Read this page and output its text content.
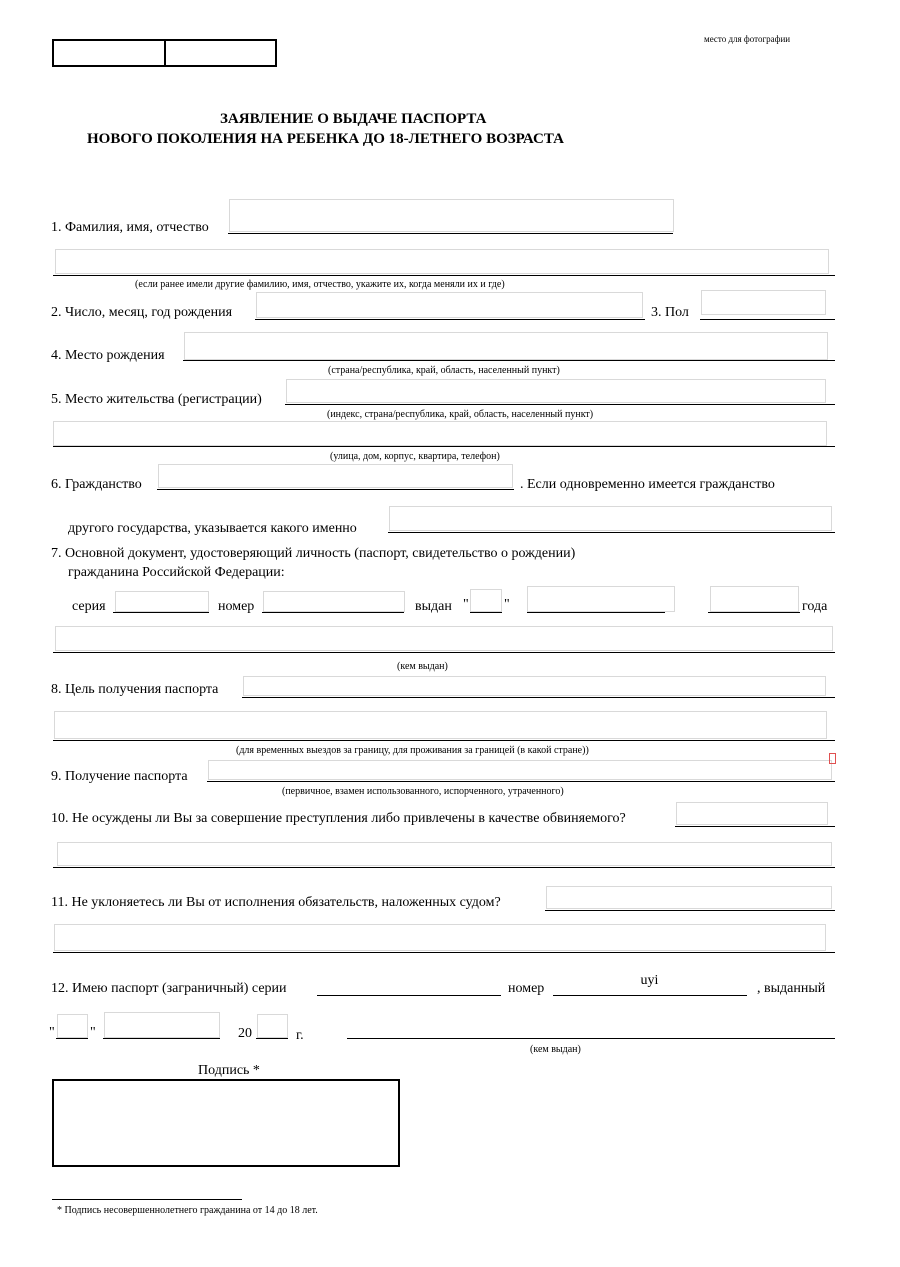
место для фотографии
ЗАЯВЛЕНИЕ О ВЫДАЧЕ ПАСПОРТА
НОВОГО ПОКОЛЕНИЯ НА РЕБЕНКА ДО 18-ЛЕТНЕГО ВОЗРАСТА
1. Фамилия, имя, отчество
(если ранее имели другие фамилию, имя, отчество, укажите их, когда меняли их и где)
2. Число, месяц, год рождения	3. Пол
4. Место рождения
(страна/республика, край, область, населенный пункт)
5. Место жительства (регистрации)
(индекс, страна/республика, край, область, населенный пункт)
(улица, дом, корпус, квартира, телефон)
6. Гражданство	. Если одновременно имеется гражданство
другого государства, указывается какого именно
7. Основной документ, удостоверяющий личность (паспорт, свидетельство о рождении)
гражданина Российской Федерации:
серия	номер	выдан "	"	года
(кем выдан)
8. Цель получения паспорта
(для временных выездов за границу, для проживания за границей (в какой стране))
9. Получение паспорта
(первичное, взамен использованного, испорченного, утраченного)
10. Не осуждены ли Вы за совершение преступления либо привлечены в качестве обвиняемого?
11. Не уклоняетесь ли Вы от исполнения обязательств, наложенных судом?
12. Имею паспорт (заграничный) серии	номер
uyi
, выданный
"	"	20	г.
(кем выдан)
Подпись *
* Подпись несовершеннолетнего гражданина от 14 до 18 лет.
